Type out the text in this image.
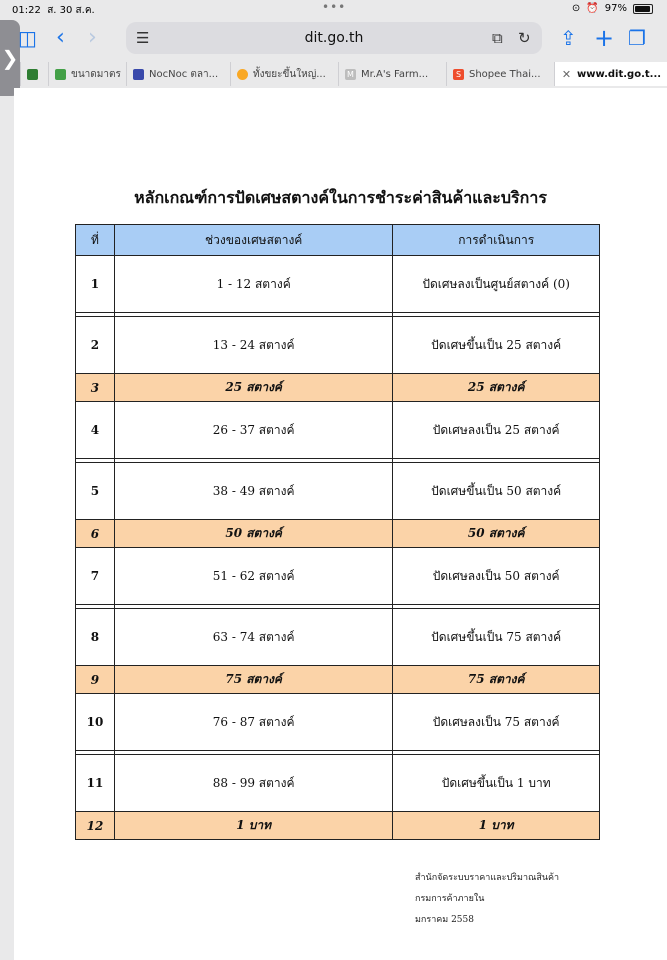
01:22 ส. 30 ส.ค.	•••	⊙ ⏰ 97%
❯
◫ ‹ ›	☰	dit.go.th	⧉ ↻ ⇪ + ❐
ขนาดมาตร	NocNoc ตลา...	ทั้งขยะขึ้นใหญ่...	M Mr.A's Farm...	S Shopee Thai... ✕ www.dit.go.t...
หลักเกณฑ์การปัดเศษสตางค์ในการชำระค่าสินค้าและบริการ
ที่	ช่วงของเศษสตางค์	การดำเนินการ
1	1 - 12 สตางค์	ปัดเศษลงเป็นศูนย์สตางค์ (0)

2	13 - 24 สตางค์	ปัดเศษขึ้นเป็น 25 สตางค์
3	25 สตางค์	25 สตางค์
4	26 - 37 สตางค์	ปัดเศษลงเป็น 25 สตางค์

5	38 - 49 สตางค์	ปัดเศษขึ้นเป็น 50 สตางค์
6	50 สตางค์	50 สตางค์
7	51 - 62 สตางค์	ปัดเศษลงเป็น 50 สตางค์

8	63 - 74 สตางค์	ปัดเศษขึ้นเป็น 75 สตางค์
9	75 สตางค์	75 สตางค์
10	76 - 87 สตางค์	ปัดเศษลงเป็น 75 สตางค์

11	88 - 99 สตางค์	ปัดเศษขึ้นเป็น 1 บาท
12	1 บาท	1 บาท
สำนักจัดระบบราคาและปริมาณสินค้า
กรมการค้าภายใน
มกราคม 2558
